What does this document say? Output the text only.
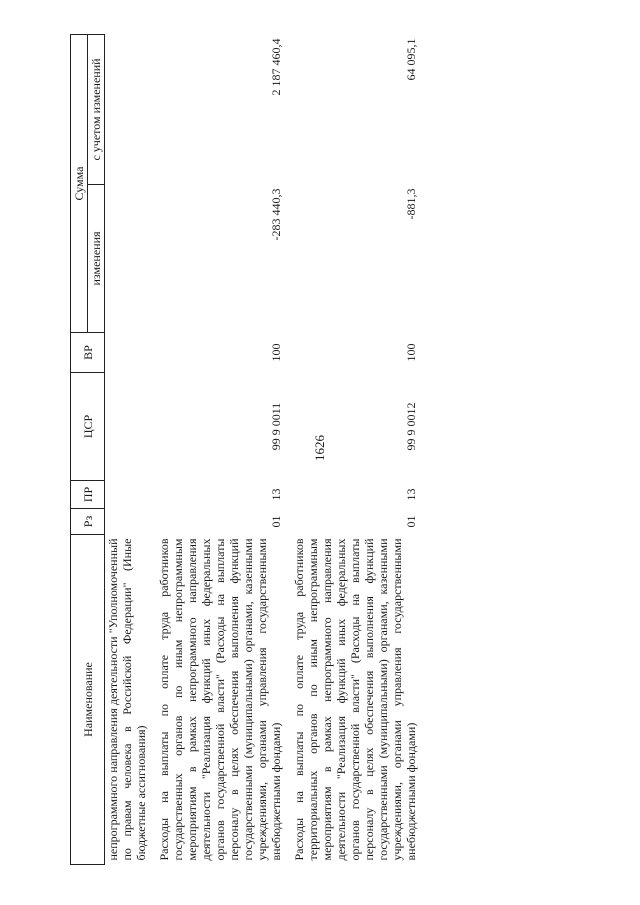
1626
Наименование	Рз	ПР	ЦСР	ВР	Сумма	
					изменения	с учетом изменений
непрограммного направления деятельности "Уполномоченный по правам человека в Российской Федерации" (Иные бюджетные ассигнования)						
Расходы на выплаты по оплате труда работников государственных органов по иным непрограммным мероприятиям в рамках непрограммного направления деятельности "Реализация функций иных федеральных органов государственной власти" (Расходы на выплаты персоналу в целях обеспечения выполнения функций государственными (муниципальными) органами, казенными учреждениями, органами управления государственными внебюджетными фондами)	01	13	99 9 0011	100	-283 440,3	2 187 460,4
Расходы на выплаты по оплате труда работников территориальных органов по иным непрограммным мероприятиям в рамках непрограммного направления деятельности "Реализация функций иных федеральных органов государственной власти" (Расходы на выплаты персоналу в целях обеспечения выполнения функций государственными (муниципальными) органами, казенными учреждениями, органами управления государственными внебюджетными фондами)	01	13	99 9 0012	100	-881,3	64 095,1
